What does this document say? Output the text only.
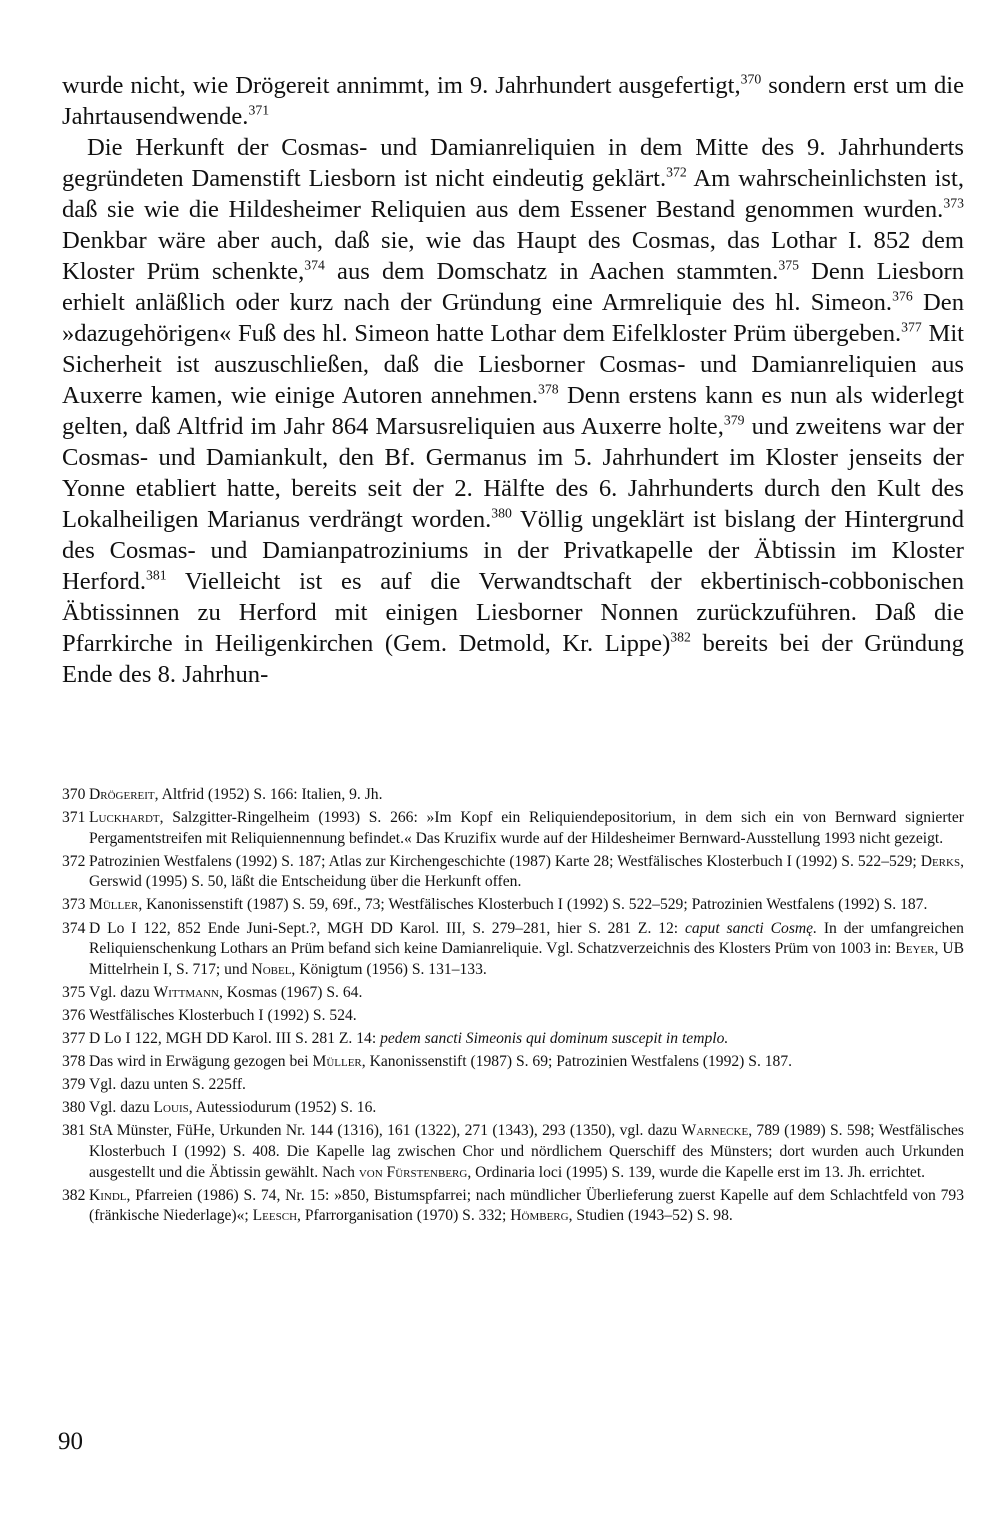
wurde nicht, wie Drögereit annimmt, im 9. Jahrhundert ausgefertigt,$^{370}$ sondern erst um die Jahrtausendwende.$^{371}$

Die Herkunft der Cosmas- und Damianreliquien in dem Mitte des 9. Jahrhunderts gegründeten Damenstift Liesborn ist nicht eindeutig geklärt.$^{372}$ Am wahrscheinlichsten ist, daß sie wie die Hildesheimer Reliquien aus dem Essener Bestand genommen wurden.$^{373}$ Denkbar wäre aber auch, daß sie, wie das Haupt des Cosmas, das Lothar I. 852 dem Kloster Prüm schenkte,$^{374}$ aus dem Domschatz in Aachen stammten.$^{375}$ Denn Liesborn erhielt anläßlich oder kurz nach der Gründung eine Armreliquie des hl. Simeon.$^{376}$ Den »dazugehörigen« Fuß des hl. Simeon hatte Lothar dem Eifelkloster Prüm übergeben.$^{377}$ Mit Sicherheit ist auszuschließen, daß die Liesborner Cosmas- und Damianreliquien aus Auxerre kamen, wie einige Autoren annehmen.$^{378}$ Denn erstens kann es nun als widerlegt gelten, daß Altfrid im Jahr 864 Marsusreliquien aus Auxerre holte,$^{379}$ und zweitens war der Cosmas- und Damiankult, den Bf. Germanus im 5. Jahrhundert im Kloster jenseits der Yonne etabliert hatte, bereits seit der 2. Hälfte des 6. Jahrhunderts durch den Kult des Lokalheiligen Marianus verdrängt worden.$^{380}$ Völlig ungeklärt ist bislang der Hintergrund des Cosmas- und Damianpatroziniums in der Privatkapelle der Äbtissin im Kloster Herford.$^{381}$ Vielleicht ist es auf die Verwandtschaft der ekbertinisch-cobbonischen Äbtissinnen zu Herford mit einigen Liesborner Nonnen zurückzuführen. Daß die Pfarrkirche in Heiligenkirchen (Gem. Detmold, Kr. Lippe)$^{382}$ bereits bei der Gründung Ende des 8. Jahrhun-

370 Drögereit, Altfrid (1952) S. 166: Italien, 9. Jh.
371 Luckhardt, Salzgitter-Ringelheim (1993) S. 266: »Im Kopf ein Reliquiendepositorium, in dem sich ein von Bernward signierter Pergamentstreifen mit Reliquiennennung befindet.« Das Kruzifix wurde auf der Hildesheimer Bernward-Ausstellung 1993 nicht gezeigt.
372 Patrozinien Westfalens (1992) S. 187; Atlas zur Kirchengeschichte (1987) Karte 28; Westfälisches Klosterbuch I (1992) S. 522–529; Derks, Gerswid (1995) S. 50, läßt die Entscheidung über die Herkunft offen.
373 Müller, Kanonissenstift (1987) S. 59, 69f., 73; Westfälisches Klosterbuch I (1992) S. 522–529; Patrozinien Westfalens (1992) S. 187.
374 D Lo I 122, 852 Ende Juni-Sept.?, MGH DD Karol. III, S. 279–281, hier S. 281 Z. 12: caput sancti Cosmę. In der umfangreichen Reliquienschenkung Lothars an Prüm befand sich keine Damianreliquie. Vgl. Schatzverzeichnis des Klosters Prüm von 1003 in: Beyer, UB Mittelrhein I, S. 717; und Nobel, Königtum (1956) S. 131–133.
375 Vgl. dazu Wittmann, Kosmas (1967) S. 64.
376 Westfälisches Klosterbuch I (1992) S. 524.
377 D Lo I 122, MGH DD Karol. III S. 281 Z. 14: pedem sancti Simeonis qui dominum suscepit in templo.
378 Das wird in Erwägung gezogen bei Müller, Kanonissenstift (1987) S. 69; Patrozinien Westfalens (1992) S. 187.
379 Vgl. dazu unten S. 225ff.
380 Vgl. dazu Louis, Autessiodurum (1952) S. 16.
381 StA Münster, FüHe, Urkunden Nr. 144 (1316), 161 (1322), 271 (1343), 293 (1350), vgl. dazu Warnecke, 789 (1989) S. 598; Westfälisches Klosterbuch I (1992) S. 408. Die Kapelle lag zwischen Chor und nördlichem Querschiff des Münsters; dort wurden auch Urkunden ausgestellt und die Äbtissin gewählt. Nach von Fürstenberg, Ordinaria loci (1995) S. 139, wurde die Kapelle erst im 13. Jh. errichtet.
382 Kindl, Pfarreien (1986) S. 74, Nr. 15: »850, Bistumspfarrei; nach mündlicher Überlieferung zuerst Kapelle auf dem Schlachtfeld von 793 (fränkische Niederlage)«; Leesch, Pfarrorganisation (1970) S. 332; Hömberg, Studien (1943–52) S. 98.
90
